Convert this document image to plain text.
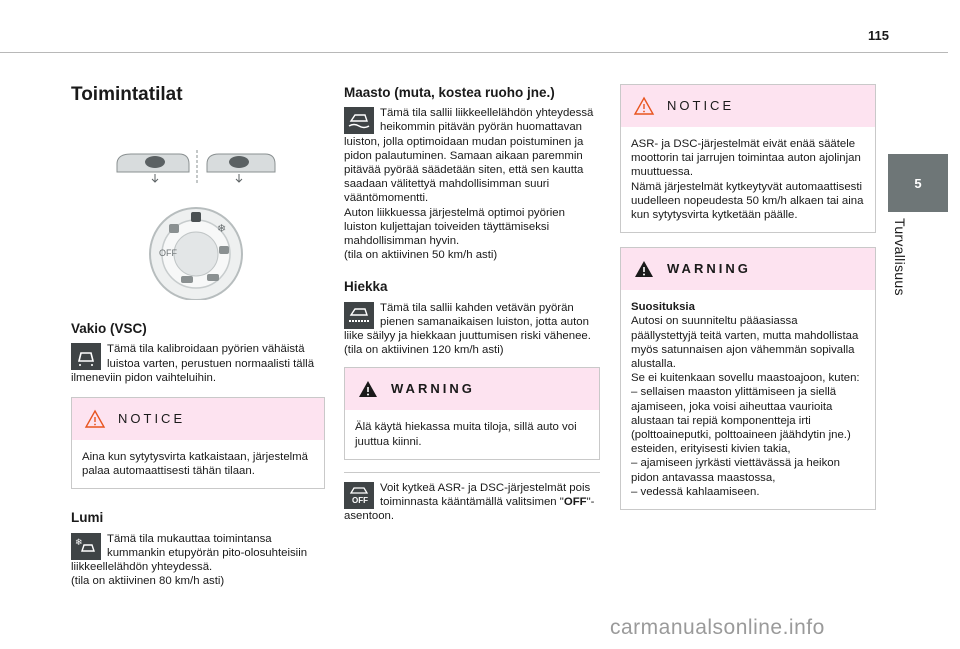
115
5
Turvallisuus
Toimintatilat
❄
OFF
Vakio (VSC)

Tämä tila kalibroidaan pyörien vähäistä luistoa varten, perustuen normaalisti tällä ilmeneviin pidon vaihteluihin.

NOTICE
Aina kun sytytysvirta katkaistaan, järjestelmä palaa automaattisesti tähän tilaan.
Lumi
❄	Tämä tila mukauttaa toimintansa kummankin etupyörän pito-olosuhteisiin liikkeellelähdön yhteydessä.
(tila on aktiivinen 80 km/h asti)

Maasto (muta, kostea ruoho jne.)

Tämä tila sallii liikkeellelähdön yhteydessä heikommin pitävän pyörän huomattavan luiston, jolla optimoidaan mudan poistuminen ja pidon palautuminen. Samaan aikaan paremmin pitävää pyörää säädetään siten, että sen kautta saadaan välitettyä mahdollisimman suuri vääntömomentti.
Auton liikkuessa järjestelmä optimoi pyörien luiston kuljettajan toiveiden täyttämiseksi mahdollisimman hyvin.
(tila on aktiivinen 50 km/h asti)

Hiekka

Tämä tila sallii kahden vetävän pyörän pienen samanaikaisen luiston, jotta auton liike säilyy ja hiekkaan juuttumisen riski vähenee.
(tila on aktiivinen 120 km/h asti)

WARNING
Älä käytä hiekassa muita tiloja, sillä auto voi juuttua kiinni.
OFF

Voit kytkeä ASR- ja DSC-järjestelmät pois toiminnasta kääntämällä valitsimen "OFF"-asentoon.

NOTICE
ASR- ja DSC-järjestelmät eivät enää säätele moottorin tai jarrujen toimintaa auton ajolinjan muuttuessa.
Nämä järjestelmät kytkeytyvät automaattisesti uudelleen nopeudesta 50 km/h alkaen tai aina kun sytytysvirta kytketään päälle.
WARNING
Suosituksia
Autosi on suunniteltu pääasiassa päällystettyjä teitä varten, mutta mahdollistaa myös satunnaisen ajon vähemmän sopivalla alustalla.
Se ei kuitenkaan sovellu maastoajoon, kuten:
– sellaisen maaston ylittämiseen ja siellä ajamiseen, joka voisi aiheuttaa vaurioita alustaan tai repiä komponentteja irti (polttoaineputki, polttoaineen jäähdytin jne.) esteiden, erityisesti kivien takia,
– ajamiseen jyrkästi viettävässä ja heikon pidon antavassa maastossa,
– vedessä kahlaamiseen.
carmanualsonline.info
